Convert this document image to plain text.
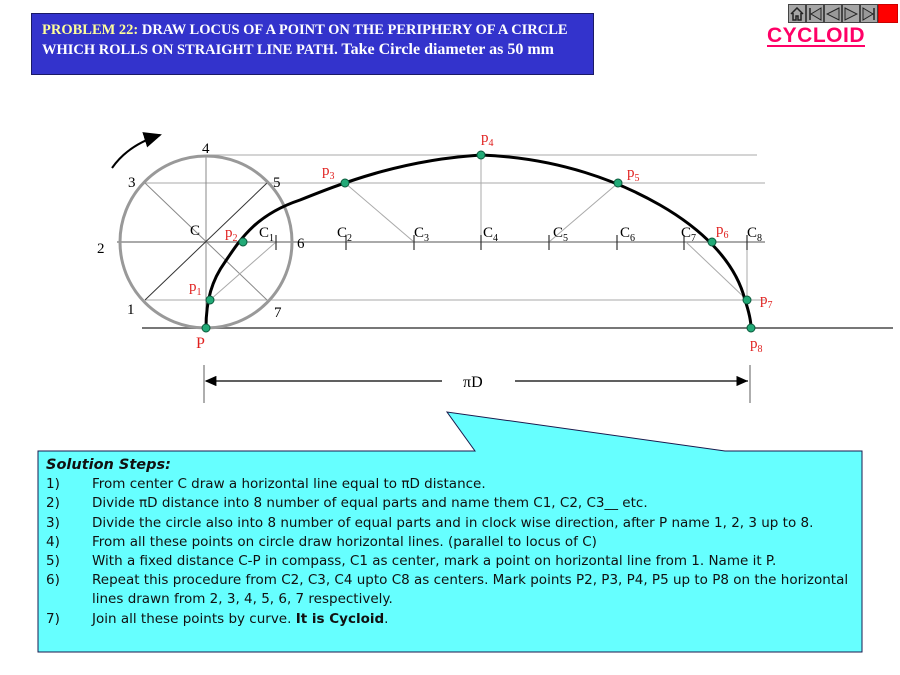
PROBLEM 22: DRAW LOCUS OF A POINT ON THE PERIPHERY OF A CIRCLE
WHICH ROLLS ON STRAIGHT LINE PATH. Take Circle diameter as 50 mm
CYCLOID
1
2
3
4
5
6
7
C	$C_1$	$C_2$	$C_3$	$C_4$	$C_5$	$C_6$	$C_7$	$C_8$
P
$p_1$
$p_2$
$p_3$
$p_4$
$p_5$
$p_6$
$p_7$
$p_8$
πD
Solution Steps:
1)	From center C draw a horizontal line equal to πD distance.
2)	Divide πD distance into 8 number of equal parts and name them C1, C2, C3__ etc.
3)	Divide the circle also into 8 number of equal parts and in clock wise direction, after P name 1, 2, 3 up to 8.
4)	From all these points on circle draw horizontal lines. (parallel to locus of C)
5)	With a fixed distance C-P in compass, C1 as center, mark a point on horizontal line from 1. Name it P.
6)	Repeat this procedure from C2, C3, C4 upto C8 as centers. Mark points P2, P3, P4, P5 up to P8 on the horizontal lines drawn from 2, 3, 4, 5, 6, 7 respectively.
7)	Join all these points by curve. It is Cycloid.
